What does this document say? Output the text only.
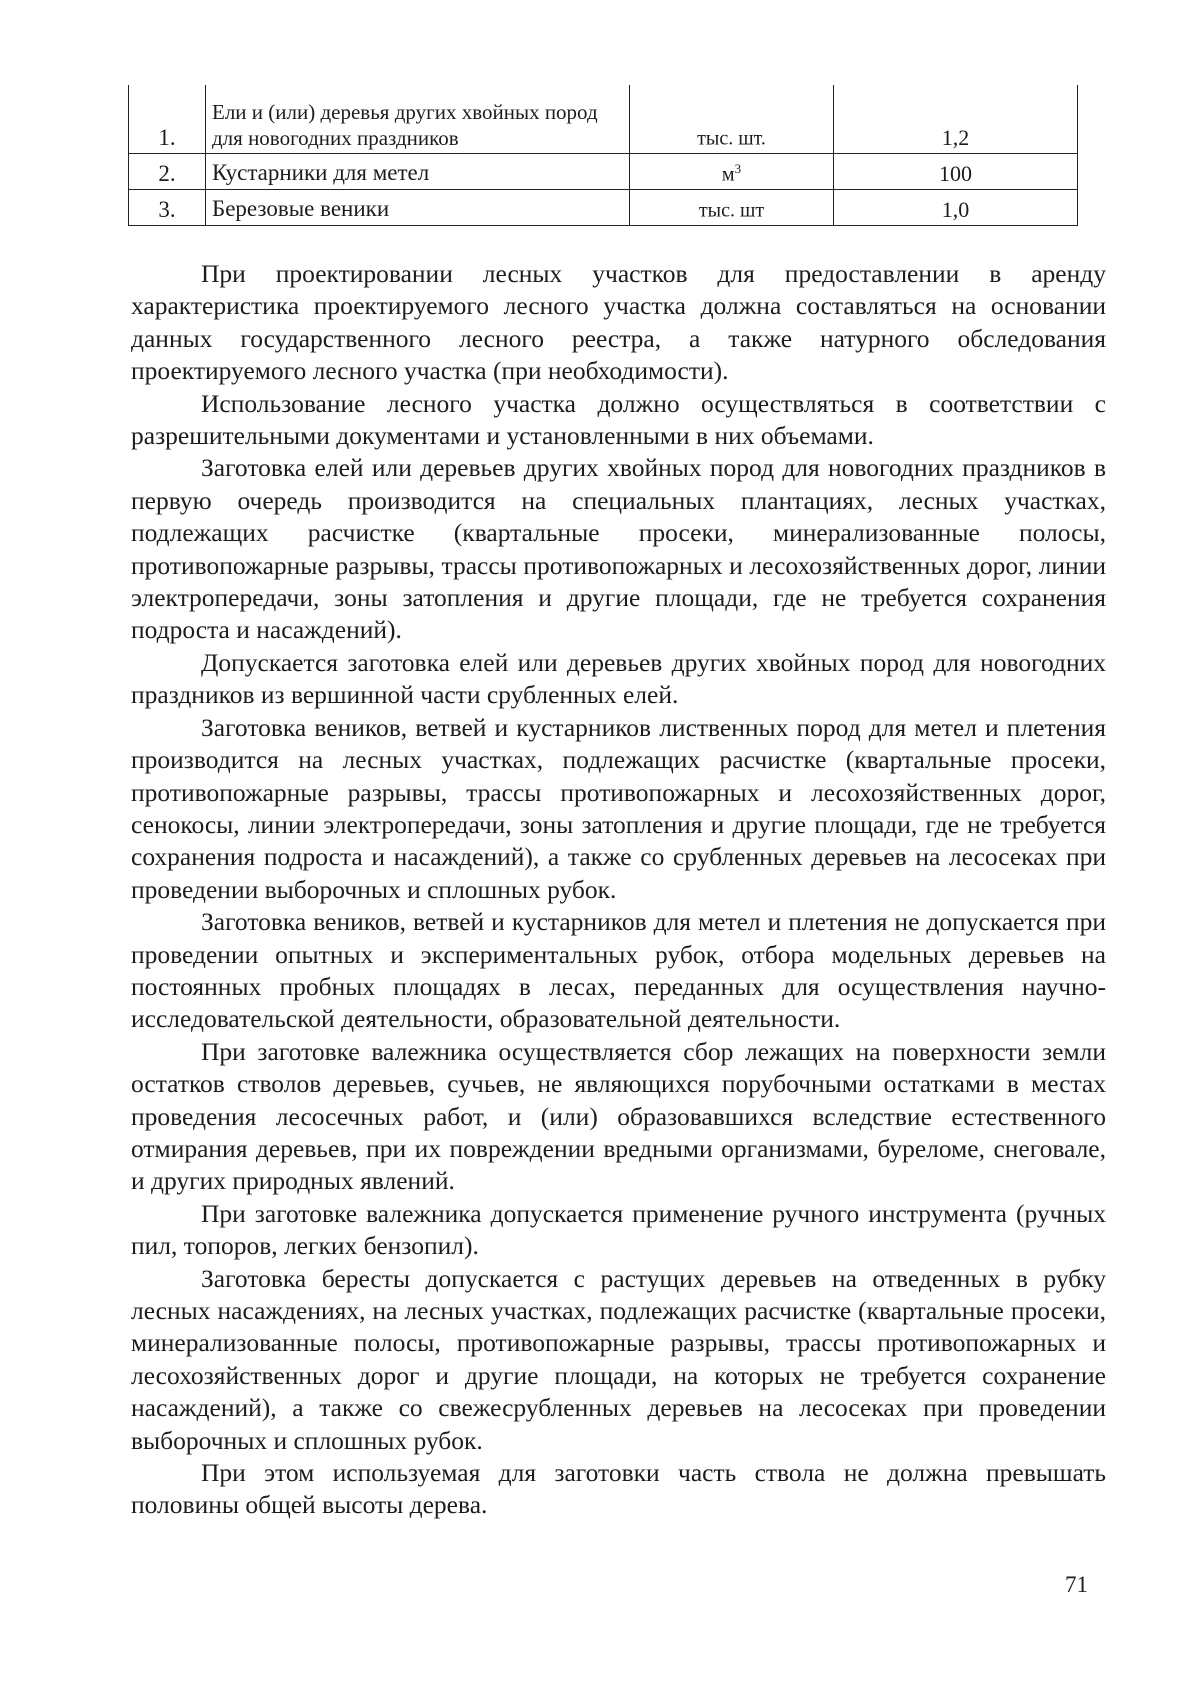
1.	Ели и (или) деревья других хвойных пород для новогодних праздников	тыс. шт.	1,2
2.	Кустарники для метел	$м^3$	100
3.	Березовые веники	тыс. шт	1,0

При проектировании лесных участков для предоставлении в аренду характеристика проектируемого лесного участка должна составляться на основании данных государственного лесного реестра, а также натурного обследования проектируемого лесного участка (при необходимости).

Использование лесного участка должно осуществляться в соответствии с разрешительными документами и установленными в них объемами.

Заготовка елей или деревьев других хвойных пород для новогодних праздников в первую очередь производится на специальных плантациях, лесных участках, подлежащих расчистке (квартальные просеки, минерализованные полосы, противопожарные разрывы, трассы противопожарных и лесохозяйственных дорог, линии электропередачи, зоны затопления и другие площади, где не требуется сохранения подроста и насаждений).

Допускается заготовка елей или деревьев других хвойных пород для новогодних праздников из вершинной части срубленных елей.

Заготовка веников, ветвей и кустарников лиственных пород для метел и плетения производится на лесных участках, подлежащих расчистке (квартальные просеки, противопожарные разрывы, трассы противопожарных и лесохозяйственных дорог, сенокосы, линии электропередачи, зоны затопления и другие площади, где не требуется сохранения подроста и насаждений), а также со срубленных деревьев на лесосеках при проведении выборочных и сплошных рубок.

Заготовка веников, ветвей и кустарников для метел и плетения не допускается при проведении опытных и экспериментальных рубок, отбора модельных деревьев на постоянных пробных площадях в лесах, переданных для осуществления научно-исследовательской деятельности, образовательной деятельности.

При заготовке валежника осуществляется сбор лежащих на поверхности земли остатков стволов деревьев, сучьев, не являющихся порубочными остатками в местах проведения лесосечных работ, и (или) образовавшихся вследствие естественного отмирания деревьев, при их повреждении вредными организмами, буреломе, снеговале, и других природных явлений.

При заготовке валежника допускается применение ручного инструмента (ручных пил, топоров, легких бензопил).

Заготовка бересты допускается с растущих деревьев на отведенных в рубку лесных насаждениях, на лесных участках, подлежащих расчистке (квартальные просеки, минерализованные полосы, противопожарные разрывы, трассы противопожарных и лесохозяйственных дорог и другие площади, на которых не требуется сохранение насаждений), а также со свежесрубленных деревьев на лесосеках при проведении выборочных и сплошных рубок.

При этом используемая для заготовки часть ствола не должна превышать половины общей высоты дерева.

71
